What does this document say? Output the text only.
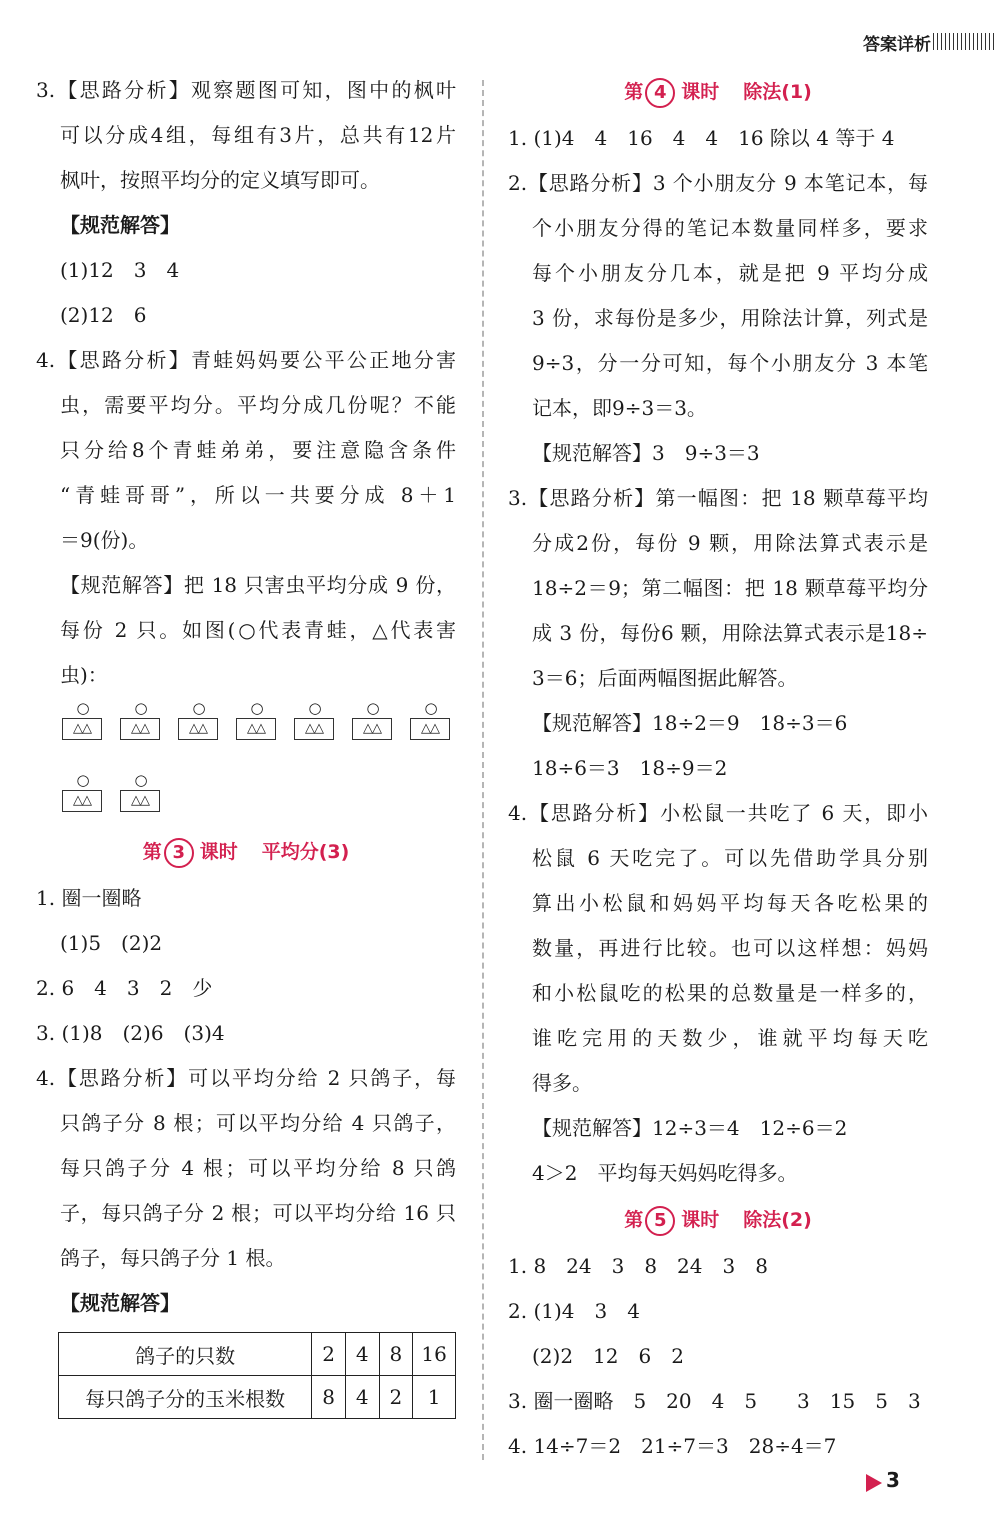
答案详析
3.【思路分析】观察题图可知，图中的枫叶
可以分成4组，每组有3片，总共有12片
枫叶，按照平均分的定义填写即可。
【规范解答】
(1)12　3　4
(2)12　6
4.【思路分析】青蛙妈妈要公平公正地分害
虫，需要平均分。平均分成几份呢？不能
只分给8个青蛙弟弟，要注意隐含条件
“青蛙哥哥”，所以一共要分成 8＋1
＝9(份)。
【规范解答】把 18 只害虫平均分成 9 份，
每份 2 只。如图(○代表青蛙，△代表害
虫)：
○
△△
○
△△
○
△△
○
△△
○
△△
○
△△
○
△△
○
△△
○
△△
第 3 课时 平均分(3)
1. 圈一圈略
(1)5　(2)2
2. 6　4　3　2　少
3. (1)8　(2)6　(3)4
4.【思路分析】可以平均分给 2 只鸽子，每
只鸽子分 8 根；可以平均分给 4 只鸽子，
每只鸽子分 4 根；可以平均分给 8 只鸽
子，每只鸽子分 2 根；可以平均分给 16 只
鸽子，每只鸽子分 1 根。
【规范解答】
鸽子的只数	2	4	8	16
每只鸽子分的玉米根数	8	4	2	1
第 4 课时 除法(1)
1. (1)4　4　16　4　4　16 除以 4 等于 4
2.【思路分析】3 个小朋友分 9 本笔记本，每
个小朋友分得的笔记本数量同样多，要求
每个小朋友分几本，就是把 9 平均分成
3 份，求每份是多少，用除法计算，列式是
9÷3，分一分可知，每个小朋友分 3 本笔
记本，即9÷3＝3。
【规范解答】3　9÷3＝3
3.【思路分析】第一幅图：把 18 颗草莓平均
分成2份，每份 9 颗，用除法算式表示是
18÷2＝9；第二幅图：把 18 颗草莓平均分
成 3 份，每份6 颗，用除法算式表示是18÷
3＝6；后面两幅图据此解答。
【规范解答】18÷2＝9　18÷3＝6
18÷6＝3　18÷9＝2
4.【思路分析】小松鼠一共吃了 6 天，即小
松鼠 6 天吃完了。可以先借助学具分别
算出小松鼠和妈妈平均每天各吃松果的
数量，再进行比较。也可以这样想：妈妈
和小松鼠吃的松果的总数量是一样多的，
谁吃完用的天数少，谁就平均每天吃
得多。
【规范解答】12÷3＝4　12÷6＝2
4＞2　平均每天妈妈吃得多。
第 5 课时 除法(2)
1. 8　24　3　8　24　3　8
2. (1)4　3　4
(2)2　12　6　2
3. 圈一圈略　5　20　4　5　　3　15　5　3
4. 14÷7＝2　21÷7＝3　28÷4＝7
3
